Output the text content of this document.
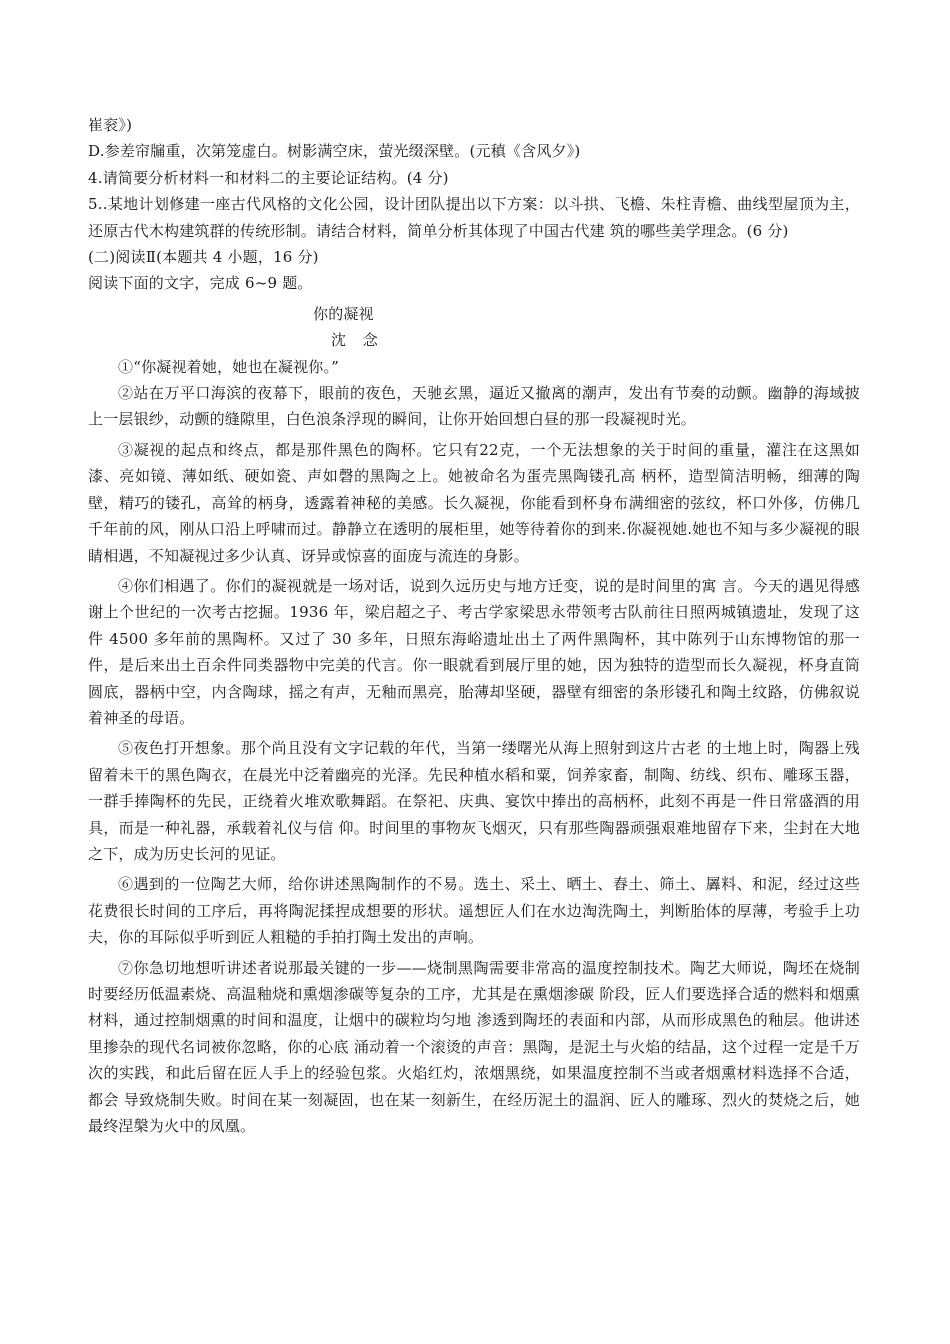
崔衮》)

D.参差帘牖重，次第笼虚白。树影满空床，萤光缀深壁。(元稹《含风夕》)

4.请简要分析材料一和材料二的主要论证结构。(4 分)

5..某地计划修建一座古代风格的文化公园，设计团队提出以下方案：以斗拱、飞檐、朱柱青檐、曲线型屋顶为主，还原古代木构建筑群的传统形制。请结合材料，简单分析其体现了中国古代建 筑的哪些美学理念。(6 分)

(二)阅读Ⅱ(本题共 4 小题，16 分)

阅读下面的文字，完成 6~9 题。

你的凝视

沈 念

①“你凝视着她，她也在凝视你。”

②站在万平口海滨的夜幕下，眼前的夜色，天驰玄黑，逼近又撤离的潮声，发出有节奏的动颤。幽静的海域披上一层银纱，动颤的缝隙里，白色浪条浮现的瞬间，让你开始回想白昼的那一段凝视时光。

③凝视的起点和终点，都是那件黑色的陶杯。它只有22克，一个无法想象的关于时间的重量，灌注在这黑如漆、亮如镜、薄如纸、硬如瓷、声如磬的黑陶之上。她被命名为蛋壳黑陶镂孔高 柄杯，造型简洁明畅，细薄的陶壁，精巧的镂孔，高耸的柄身，透露着神秘的美感。长久凝视，你能看到杯身布满细密的弦纹，杯口外侈，仿佛几千年前的风，刚从口沿上呼啸而过。静静立在透明的展柜里，她等待着你的到来.你凝视她.她也不知与多少凝视的眼睛相遇，不知凝视过多少认真、讶异或惊喜的面庞与流连的身影。

④你们相遇了。你们的凝视就是一场对话，说到久远历史与地方迁变，说的是时间里的寓 言。今天的遇见得感谢上个世纪的一次考古挖掘。1936 年，梁启超之子、考古学家梁思永带领考古队前往日照两城镇遗址，发现了这件 4500 多年前的黑陶杯。又过了 30 多年，日照东海峪遗址出土了两件黑陶杯，其中陈列于山东博物馆的那一件，是后来出土百余件同类器物中完美的代言。你一眼就看到展厅里的她，因为独特的造型而长久凝视，杯身直筒圆底，器柄中空，内含陶球，摇之有声，无釉而黑亮，胎薄却坚硬，器壁有细密的条形镂孔和陶土纹路，仿佛叙说着神圣的母语。

⑤夜色打开想象。那个尚且没有文字记载的年代，当第一缕曙光从海上照射到这片古老 的土地上时，陶器上残留着未干的黑色陶衣，在晨光中泛着幽亮的光泽。先民种植水稻和粟，饲养家畜，制陶、纺线、织布、雕琢玉器，一群手捧陶杯的先民，正绕着火堆欢歌舞蹈。在祭祀、庆典、宴饮中捧出的高柄杯，此刻不再是一件日常盛酒的用具，而是一种礼器，承载着礼仪与信 仰。时间里的事物灰飞烟灭，只有那些陶器顽强艰难地留存下来，尘封在大地之下，成为历史长河的见证。

⑥遇到的一位陶艺大师，给你讲述黑陶制作的不易。选土、采土、晒土、舂土、筛土、羼料、和泥，经过这些花费很长时间的工序后，再将陶泥揉捏成想要的形状。遥想匠人们在水边淘洗陶土，判断胎体的厚薄，考验手上功夫，你的耳际似乎听到匠人粗糙的手拍打陶土发出的声响。

⑦你急切地想听讲述者说那最关键的一步——烧制黑陶需要非常高的温度控制技术。陶艺大师说，陶坯在烧制时要经历低温素烧、高温釉烧和熏烟渗碳等复杂的工序，尤其是在熏烟渗碳 阶段，匠人们要选择合适的燃料和烟熏材料，通过控制烟熏的时间和温度，让烟中的碳粒均匀地 渗透到陶坯的表面和内部，从而形成黑色的釉层。他讲述里掺杂的现代名词被你忽略，你的心底 涌动着一个滚烫的声音：黑陶，是泥土与火焰的结晶，这个过程一定是千万次的实践，和此后留在匠人手上的经验包浆。火焰红灼，浓烟黑绕，如果温度控制不当或者烟熏材料选择不合适，都会 导致烧制失败。时间在某一刻凝固，也在某一刻新生，在经历泥土的温润、匠人的雕琢、烈火的焚烧之后，她最终涅槃为火中的凤凰。
